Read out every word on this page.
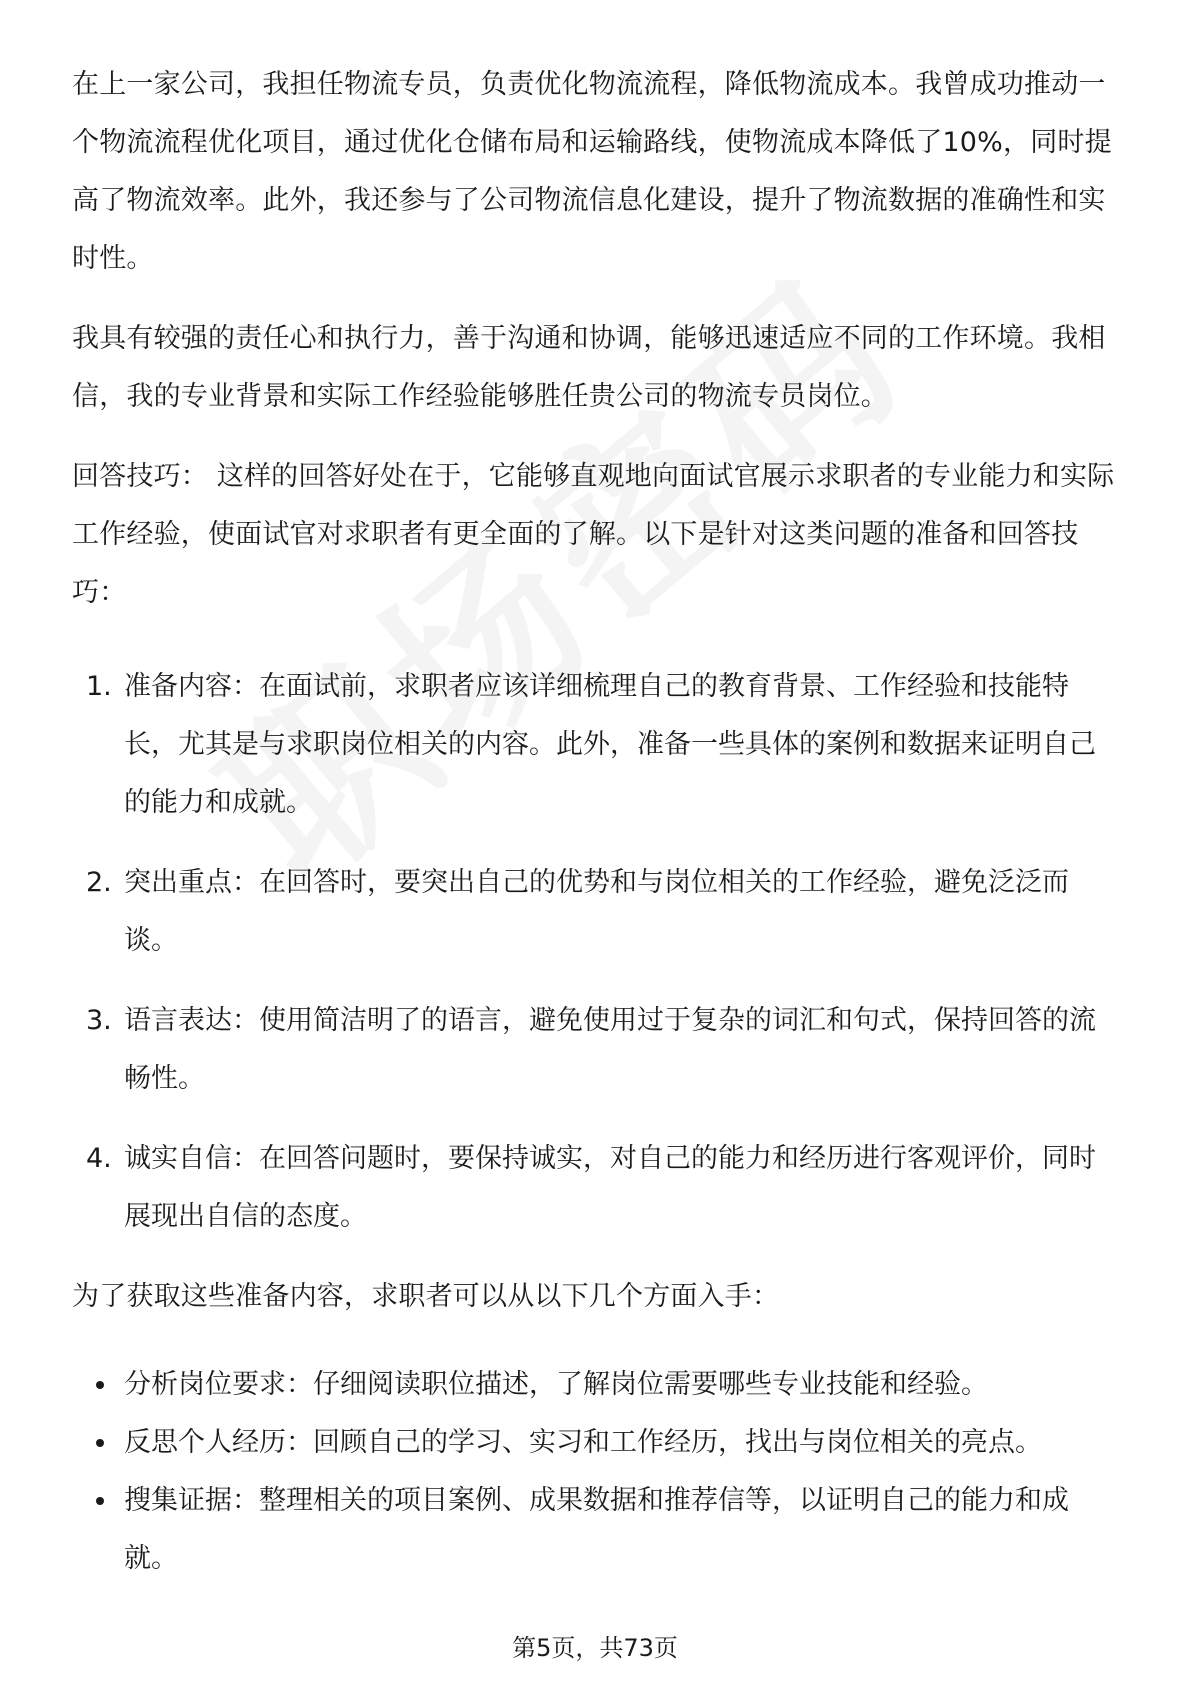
在上一家公司，我担任物流专员，负责优化物流流程，降低物流成本。我曾成功推动一个物流流程优化项目，通过优化仓储布局和运输路线，使物流成本降低了10%，同时提高了物流效率。此外，我还参与了公司物流信息化建设，提升了物流数据的准确性和实时性。

我具有较强的责任心和执行力，善于沟通和协调，能够迅速适应不同的工作环境。我相信，我的专业背景和实际工作经验能够胜任贵公司的物流专员岗位。

回答技巧： 这样的回答好处在于，它能够直观地向面试官展示求职者的专业能力和实际工作经验，使面试官对求职者有更全面的了解。以下是针对这类问题的准备和回答技巧：

1. 准备内容：在面试前，求职者应该详细梳理自己的教育背景、工作经验和技能特长，尤其是与求职岗位相关的内容。此外，准备一些具体的案例和数据来证明自己的能力和成就。
2. 突出重点：在回答时，要突出自己的优势和与岗位相关的工作经验，避免泛泛而谈。
3. 语言表达：使用简洁明了的语言，避免使用过于复杂的词汇和句式，保持回答的流畅性。
4. 诚实自信：在回答问题时，要保持诚实，对自己的能力和经历进行客观评价，同时展现出自信的态度。

为了获取这些准备内容，求职者可以从以下几个方面入手：

分析岗位要求：仔细阅读职位描述，了解岗位需要哪些专业技能和经验。
反思个人经历：回顾自己的学习、实习和工作经历，找出与岗位相关的亮点。
搜集证据：整理相关的项目案例、成果数据和推荐信等，以证明自己的能力和成就。
第5页，共73页
